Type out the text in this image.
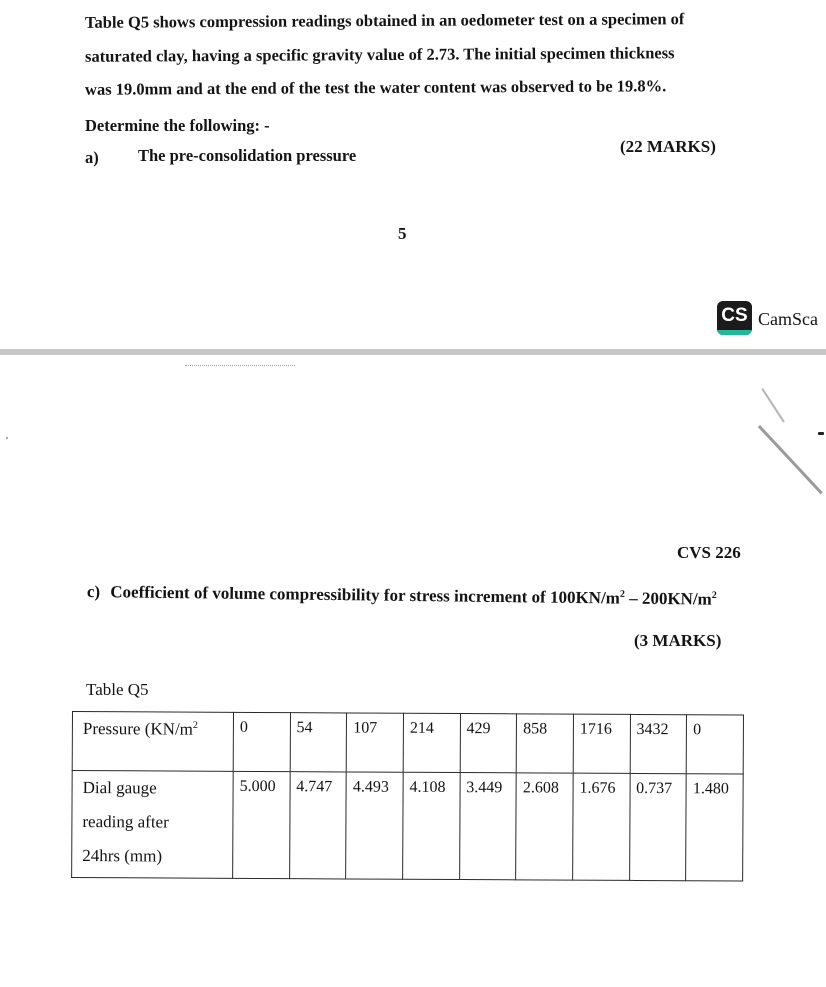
Table Q5 shows compression readings obtained in an oedometer test on a specimen of
saturated clay, having a specific gravity value of 2.73. The initial specimen thickness
was 19.0mm and at the end of the test the water content was observed to be 19.8%.
Determine the following: -
a) The pre-consolidation pressure	(22 MARKS)
5
CS CamSca
CVS 226
c) Coefficient of volume compressibility for stress increment of $100KN/m^2 - 200KN/m^2$
(3 MARKS)
Table Q5
Pressure ($KN/m^2$	0	54	107	214	429	858	1716	3432	0

Dial gauge
reading after
24hrs (mm)	5.000	4.747	4.493	4.108	3.449	2.608	1.676	0.737	1.480
